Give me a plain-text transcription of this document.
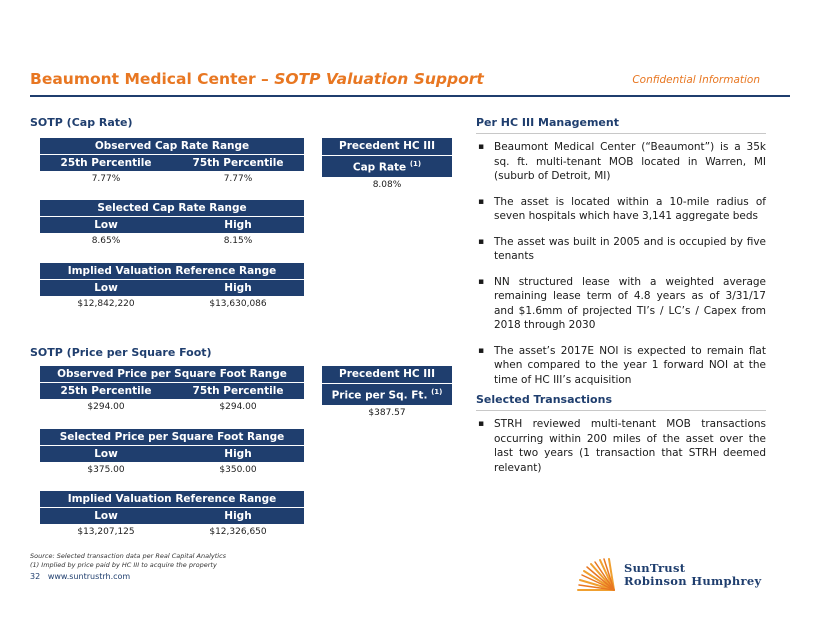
Beaumont Medical Center – SOTP Valuation Support	Confidential Information
SOTP (Cap Rate)
Observed Cap Rate Range
25th Percentile	75th Percentile
7.77%	7.77%
Precedent HC III
Cap Rate $^{(1)}$
8.08%
Selected Cap Rate Range
Low	High
8.65%	8.15%
Implied Valuation Reference Range
Low	High
$12,842,220	$13,630,086
SOTP (Price per Square Foot)
Observed Price per Square Foot Range
25th Percentile	75th Percentile
$294.00	$294.00
Precedent HC III
Price per Sq. Ft. $^{(1)}$
$387.57
Selected Price per Square Foot Range
Low	High
$375.00	$350.00
Implied Valuation Reference Range
Low	High
$13,207,125	$12,326,650
Per HC III Management
▪ Beaumont Medical Center (“Beaumont”) is a 35k sq. ft. multi-tenant MOB located in Warren, MI (suburb of Detroit, MI)
▪ The asset is located within a 10-mile radius of seven hospitals which have 3,141 aggregate beds
▪ The asset was built in 2005 and is occupied by five tenants
▪ NN structured lease with a weighted average remaining lease term of 4.8 years as of 3/31/17 and $1.6mm of projected TI’s / LC’s / Capex from 2018 through 2030
▪ The asset’s 2017E NOI is expected to remain flat when compared to the year 1 forward NOI at the time of HC III’s acquisition
Selected Transactions
▪ STRH reviewed multi-tenant MOB transactions occurring within 200 miles of the asset over the last two years (1 transaction that STRH deemed relevant)
Source: Selected transaction data per Real Capital Analytics
(1) Implied by price paid by HC III to acquire the property
32 www.suntrustrh.com
SunTrust
Robinson Humphrey
